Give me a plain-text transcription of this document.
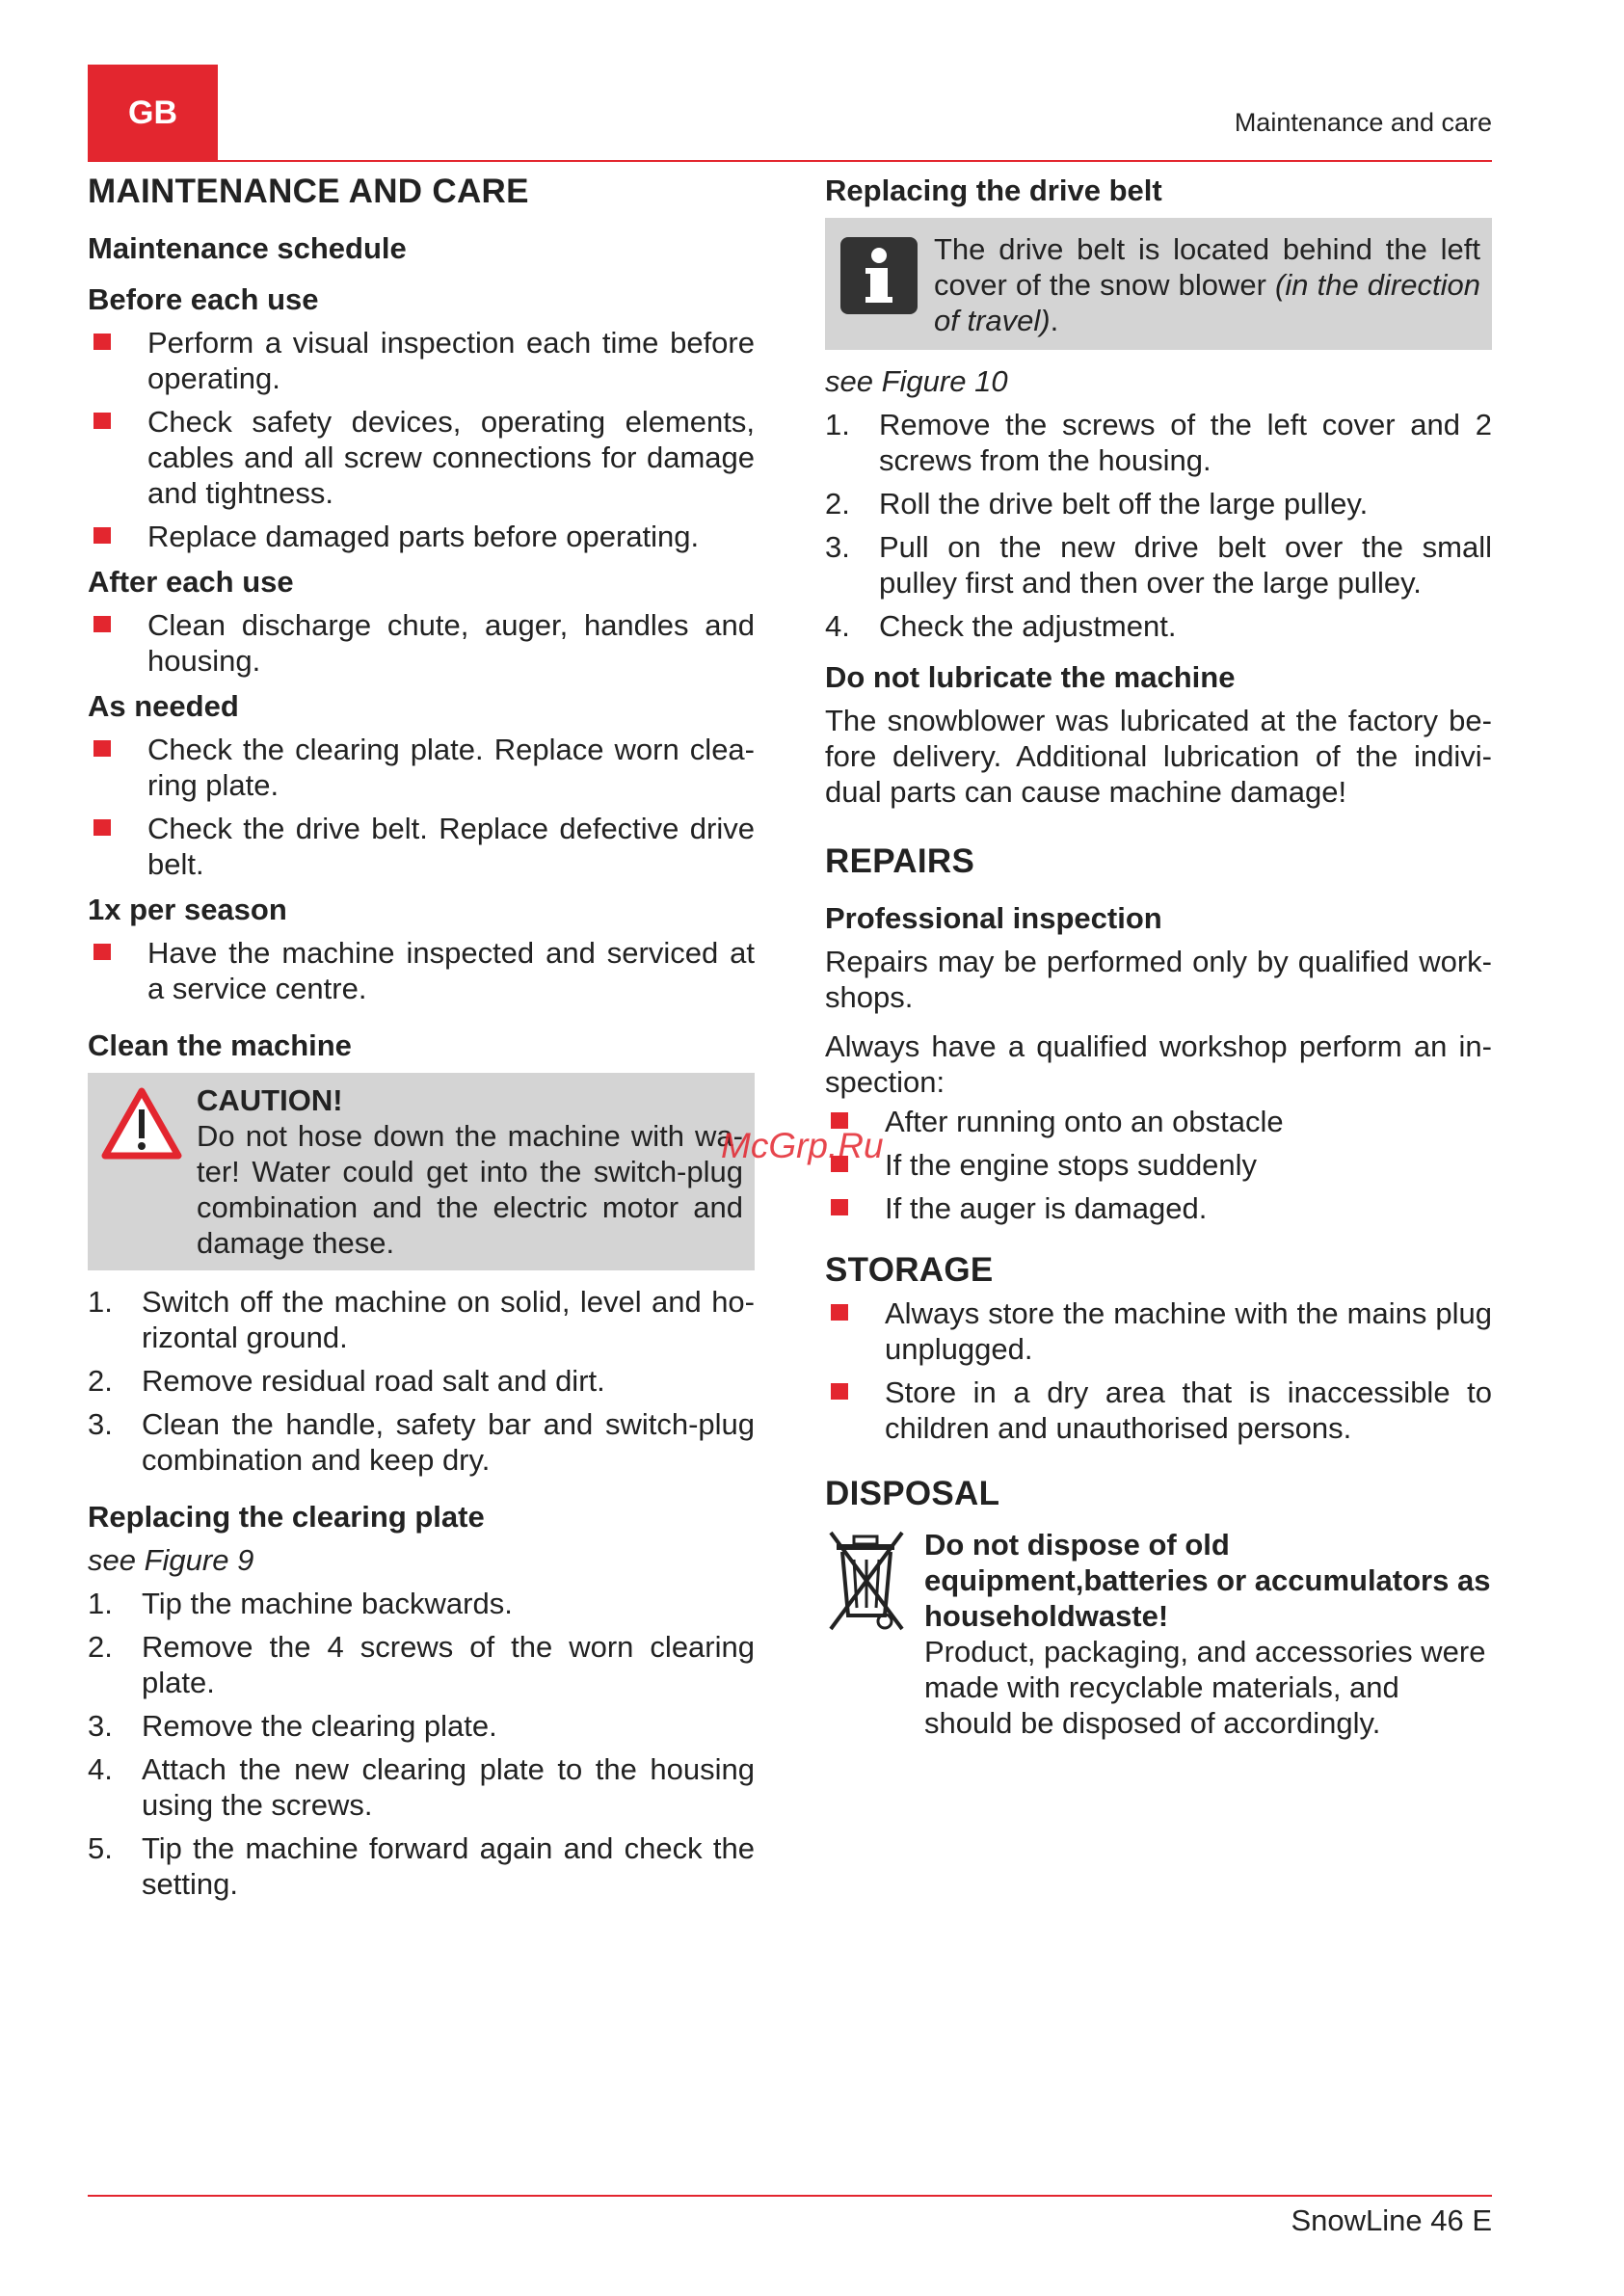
GB	Maintenance and care
MAINTENANCE AND CARE
Maintenance schedule
Before each use
Perform a visual inspection each time before operating.
Check safety devices, operating elements, cables and all screw connections for damage and tightness.
Replace damaged parts before operating.
After each use
Clean discharge chute, auger, handles and housing.
As needed
Check the clearing plate. Replace worn clea-ring plate.
Check the drive belt. Replace defective drive belt.
1x per season
Have the machine inspected and serviced at a service centre.
Clean the machine
CAUTION!
Do not hose down the machine with wa-ter! Water could get into the switch-plug combination and the electric motor and damage these.
1. Switch off the machine on solid, level and ho-rizontal ground.
2. Remove residual road salt and dirt.
3. Clean the handle, safety bar and switch-plug combination and keep dry.
Replacing the clearing plate
see Figure 9
1. Tip the machine backwards.
2. Remove the 4 screws of the worn clearing plate.
3. Remove the clearing plate.
4. Attach the new clearing plate to the housing using the screws.
5. Tip the machine forward again and check the setting.
Replacing the drive belt
The drive belt is located behind the left cover of the snow blower (in the direction of travel).
see Figure 10
1. Remove the screws of the left cover and 2 screws from the housing.
2. Roll the drive belt off the large pulley.
3. Pull on the new drive belt over the small pulley first and then over the large pulley.
4. Check the adjustment.
Do not lubricate the machine
The snowblower was lubricated at the factory be-fore delivery. Additional lubrication of the indivi-dual parts can cause machine damage!
REPAIRS
Professional inspection
Repairs may be performed only by qualified work-shops.
Always have a qualified workshop perform an in-spection:
After running onto an obstacle
If the engine stops suddenly
If the auger is damaged.
STORAGE
Always store the machine with the mains plug unplugged.
Store in a dry area that is inaccessible to children and unauthorised persons.
DISPOSAL
Do not dispose of old equipment,batteries or accumulators as householdwaste!
Product, packaging, and accessories were made with recyclable materials, and should be disposed of accordingly.
McGrp.Ru
SnowLine 46 E
